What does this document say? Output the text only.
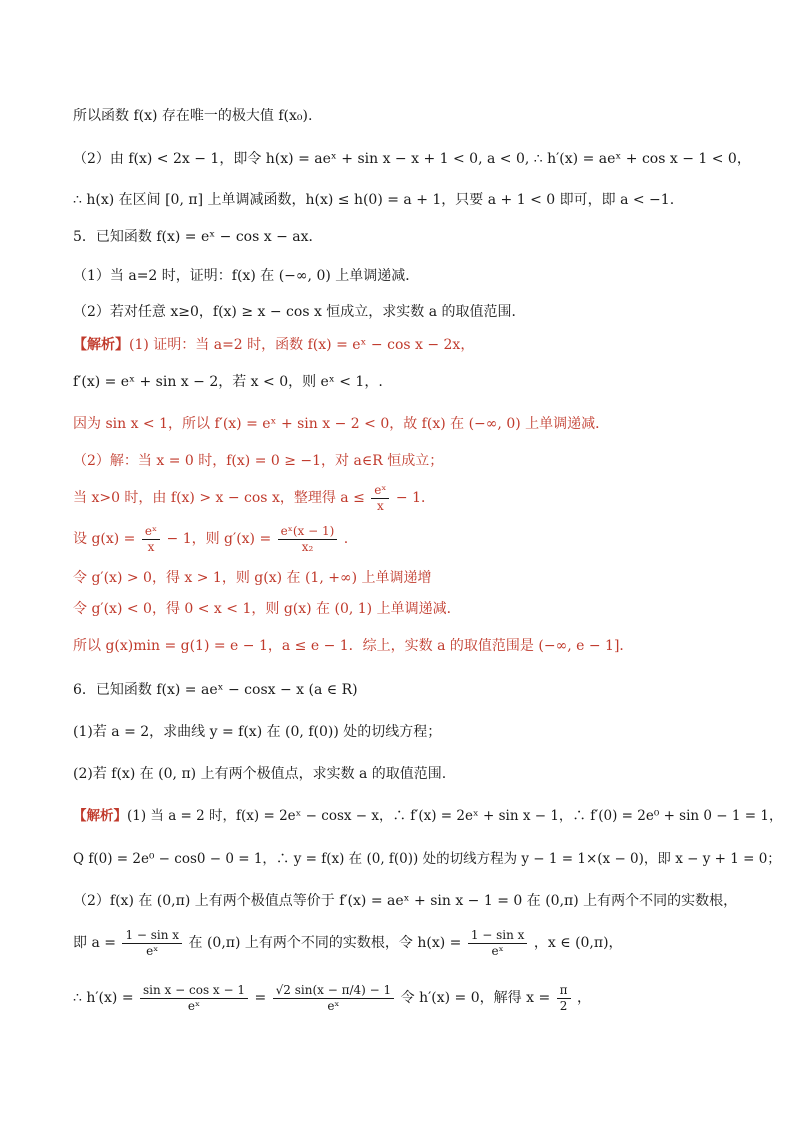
所以函数 f(x) 存在唯一的极大值 f(x₀).
（2）由 f(x) < 2x − 1，即令 h(x) = aeˣ + sin x − x + 1 < 0, a < 0, ∴ h′(x) = aeˣ + cos x − 1 < 0，
∴ h(x) 在区间 [0, π] 上单调减函数，h(x) ≤ h(0) = a + 1，只要 a + 1 < 0 即可，即 a < −1.
5．已知函数 f(x) = eˣ − cos x − ax．
（1）当 a=2 时，证明：f(x) 在 (−∞, 0) 上单调递减．
（2）若对任意 x≥0，f(x) ≥ x − cos x 恒成立，求实数 a 的取值范围．
【解析】(1) 证明：当 a=2 时，函数 f(x) = eˣ − cos x − 2x，
f′(x) = eˣ + sin x − 2，若 x < 0，则 eˣ < 1，.
因为 sin x < 1，所以 f′(x) = eˣ + sin x − 2 < 0，故 f(x) 在 (−∞, 0) 上单调递减．
（2）解：当 x = 0 时，f(x) = 0 ≥ −1，对 a∈R 恒成立；
当 x>0 时，由 f(x) > x − cos x，整理得 $a \le \frac{\text{eˣ}}{x} - 1$．
设 $g(x) = \frac{\text{eˣ}}{x} - 1$，则 $g'(x) = \frac{\text{eˣ(x − 1)}}{\text{x₂}}$ .
令 g′(x) > 0，得 x > 1，则 g(x) 在 (1, +∞) 上单调递增
令 g′(x) < 0，得 0 < x < 1，则 g(x) 在 (0, 1) 上单调递减．
所以 g(x)min = g(1) = e − 1，a ≤ e − 1．综上，实数 a 的取值范围是 (−∞, e − 1]．
6．已知函数 f(x) = aeˣ − cosx − x (a ∈ R)
(1)若 a = 2，求曲线 y = f(x) 在 (0, f(0)) 处的切线方程；
(2)若 f(x) 在 (0, π) 上有两个极值点，求实数 a 的取值范围.
【解析】(1) 当 a = 2 时，f(x) = 2eˣ − cosx − x，∴ f′(x) = 2eˣ + sin x − 1，∴ f′(0) = 2e⁰ + sin 0 − 1 = 1，
Q f(0) = 2e⁰ − cos0 − 0 = 1，∴ y = f(x) 在 (0, f(0)) 处的切线方程为 y − 1 = 1×(x − 0)，即 x − y + 1 = 0；
（2）f(x) 在 (0,π) 上有两个极值点等价于 f′(x) = aeˣ + sin x − 1 = 0 在 (0,π) 上有两个不同的实数根，
即 $a = \frac{\text{1 − sin x}}{\text{eˣ}}$ 在 (0,π) 上有两个不同的实数根，令 $h(x) = \frac{\text{1 − sin x}}{\text{eˣ}}$ ，x ∈ (0,π)，
∴ $h'(x) = \frac{\text{sin x − cos x − 1}}{\text{eˣ}} = \frac{√2 \sin(x - \pi/4) - 1}{\text{eˣ}}$ 令 h′(x) = 0，解得 $x = \frac{\pi}{2}$ ，
